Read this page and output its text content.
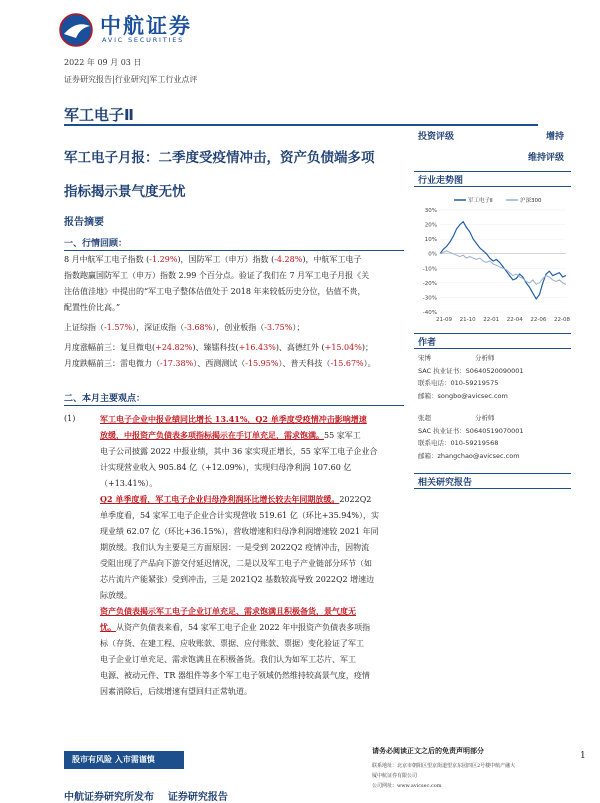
中航证券
AVIC SECURITIES
2022 年 09 月 03 日
证券研究报告|行业研究|军工行业点评
军工电子Ⅱ
军工电子月报：二季度受疫情冲击，资产负债端多项
指标揭示景气度无忧
投资评级	增持
维持评级
行业走势图
30%
20%
10%
0%
-10%
-20%
-30%
-40%
21-09 21-10 22-01 22-04 22-06 22-08
军工电子Ⅱ	沪深300
作者
宋博	分析师
SAC 执业证书：S0640520090001
联系电话：010-59219575
邮箱：songbo@avicsec.com
张超	分析师
SAC 执业证书：S0640519070001
联系电话：010-59219568
邮箱：zhangchao@avicsec.com
相关研究报告
报告摘要
一、行情回顾：
8 月中航军工电子指数 (-1.29%)，国防军工（申万）指数 (-4.28%)，中航军工电子
指数跑赢国防军工（申万）指数 2.99 个百分点。验证了我们在 7 月军工电子月报《关
注估值洼地》中提出的“军工电子整体估值处于 2018 年来较低历史分位，估值不贵，
配置性价比高。”
上证综指（-1.57%），深证成指（-3.68%），创业板指（-3.75%）；
月度涨幅前三：复旦微电(+24.82%)、臻镭科技(+16.43%)、高德红外 (+15.04%)；
月度跌幅前三：雷电微力（-17.38%）、西测测试（-15.95%）、普天科技（-15.67%）。
二、本月主要观点：
(1)	军工电子企业中报业绩同比增长 13.41%，Q2 单季度受疫情冲击影响增速
放缓，中报资产负债表多项指标揭示在手订单充足，需求饱满。55 家军工
电子公司披露 2022 中报业绩，其中 36 家实现正增长，55 家军工电子企业合
计实现营业收入 905.84 亿（+12.09%），实现归母净利润 107.60 亿
（+13.41%）。
Q2 单季度看，军工电子企业归母净利润环比增长较去年同期放缓。2022Q2
单季度看，54 家军工电子企业合计实现营收 519.61 亿（环比+35.94%），实
现业绩 62.07 亿（环比+36.15%），营收增速和归母净利润增速较 2021 年同
期放缓。我们认为主要是三方面原因：一是受到 2022Q2 疫情冲击，因物流
受阻出现了产品向下游交付延迟情况，二是以及军工电子产业链部分环节（如
芯片流片产能紧张）受到冲击，三是 2021Q2 基数较高导致 2022Q2 增速边
际放缓。
资产负债表揭示军工电子企业订单充足、需求饱满且积极备货，景气度无
忧。从资产负债表来看，54 家军工电子企业 2022 年中报资产负债表多项指
标（存货、在建工程、应收账款、票据、应付账款、票据）变化验证了军工
电子企业订单充足、需求饱满且在积极备货。我们认为如军工芯片、军工
电源、被动元件、TR 器组件等多个军工电子领域仍然维持较高景气度，疫情
因素消除后，后续增速有望回归正常轨道。
股市有风险 入市需谨慎
请务必阅读正文之后的免责声明部分
联系地址：北京市朝阳区望京街道望京东园四区2号楼中航产融大
厦中航证券有限公司
公司网址：www.avicsec.com
1
中航证券研究所发布    证券研究报告
